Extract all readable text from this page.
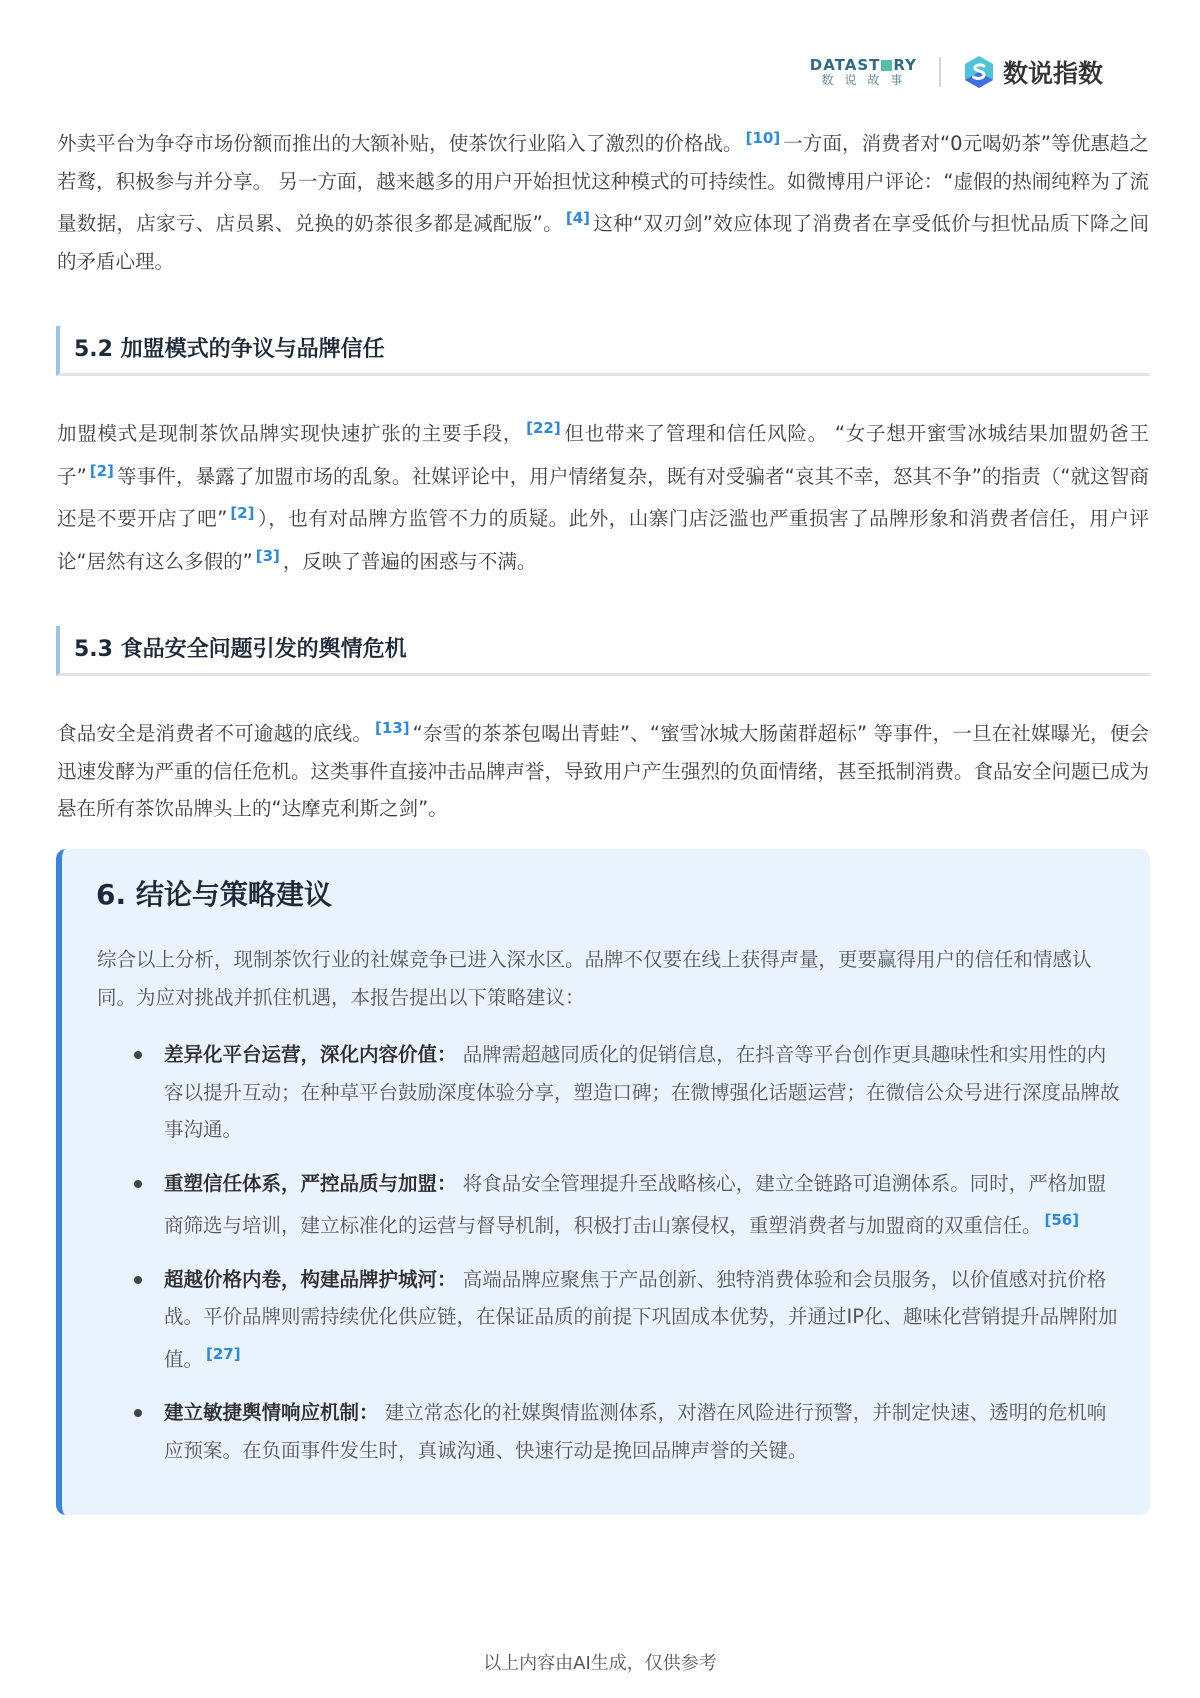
DATAST RY
数说故事	数说指数

外卖平台为争夺市场份额而推出的大额补贴，使茶饮行业陷入了激烈的价格战。 [10] 一方面，消费者对“0元喝奶茶”等优惠趋之若鹜，积极参与并分享。 另一方面，越来越多的用户开始担忧这种模式的可持续性。如微博用户评论：“虚假的热闹纯粹为了流量数据，店家亏、店员累、兑换的奶茶很多都是减配版”。 [4] 这种“双刃剑”效应体现了消费者在享受低价与担忧品质下降之间的矛盾心理。

5.2 加盟模式的争议与品牌信任

加盟模式是现制茶饮品牌实现快速扩张的主要手段， [22] 但也带来了管理和信任风险。 “女子想开蜜雪冰城结果加盟奶爸王子” [2] 等事件，暴露了加盟市场的乱象。社媒评论中，用户情绪复杂，既有对受骗者“哀其不幸，怒其不争”的指责（“就这智商还是不要开店了吧” [2] ），也有对品牌方监管不力的质疑。此外，山寨门店泛滥也严重损害了品牌形象和消费者信任，用户评论“居然有这么多假的” [3] ，反映了普遍的困惑与不满。

5.3 食品安全问题引发的舆情危机

食品安全是消费者不可逾越的底线。 [13] “奈雪的茶茶包喝出青蛙”、“蜜雪冰城大肠菌群超标” 等事件，一旦在社媒曝光，便会迅速发酵为严重的信任危机。这类事件直接冲击品牌声誉，导致用户产生强烈的负面情绪，甚至抵制消费。食品安全问题已成为悬在所有茶饮品牌头上的“达摩克利斯之剑”。

6. 结论与策略建议

综合以上分析，现制茶饮行业的社媒竞争已进入深水区。品牌不仅要在线上获得声量，更要赢得用户的信任和情感认同。为应对挑战并抓住机遇，本报告提出以下策略建议：

差异化平台运营，深化内容价值： 品牌需超越同质化的促销信息，在抖音等平台创作更具趣味性和实用性的内容以提升互动；在种草平台鼓励深度体验分享，塑造口碑；在微博强化话题运营；在微信公众号进行深度品牌故事沟通。
重塑信任体系，严控品质与加盟： 将食品安全管理提升至战略核心，建立全链路可追溯体系。同时，严格加盟商筛选与培训，建立标准化的运营与督导机制，积极打击山寨侵权，重塑消费者与加盟商的双重信任。 [56]
超越价格内卷，构建品牌护城河： 高端品牌应聚焦于产品创新、独特消费体验和会员服务，以价值感对抗价格战。平价品牌则需持续优化供应链，在保证品质的前提下巩固成本优势，并通过IP化、趣味化营销提升品牌附加值。 [27]
建立敏捷舆情响应机制： 建立常态化的社媒舆情监测体系，对潜在风险进行预警，并制定快速、透明的危机响应预案。在负面事件发生时，真诚沟通、快速行动是挽回品牌声誉的关键。
以上内容由AI生成，仅供参考
